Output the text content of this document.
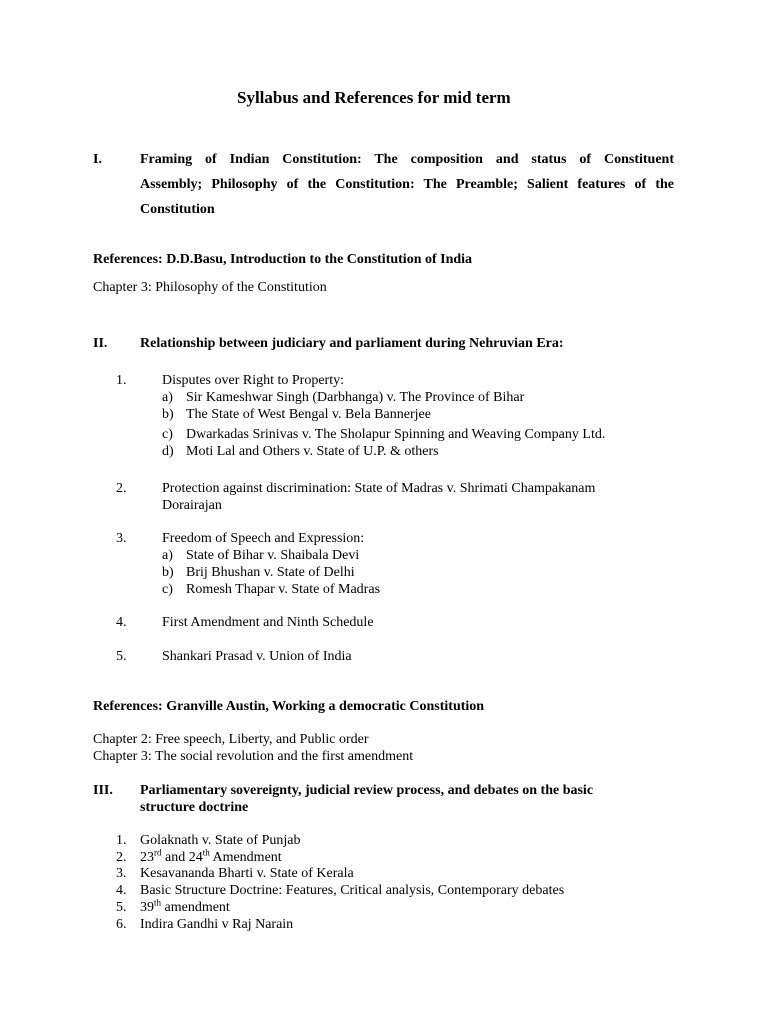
Syllabus and References for mid term
I.	Framing of Indian Constitution: The composition and status of Constituent
Assembly; Philosophy of the Constitution: The Preamble; Salient features of the
Constitution
References: D.D.Basu, Introduction to the Constitution of India
Chapter 3: Philosophy of the Constitution
II. Relationship between judiciary and parliament during Nehruvian Era:
1.	Disputes over Right to Property:
a) Sir Kameshwar Singh (Darbhanga) v. The Province of Bihar
b) The State of West Bengal v. Bela Bannerjee
c) Dwarkadas Srinivas v. The Sholapur Spinning and Weaving Company Ltd.
d) Moti Lal and Others v. State of U.P. & others
2.	Protection against discrimination: State of Madras v. Shrimati Champakanam
Dorairajan
3.	Freedom of Speech and Expression:
a) State of Bihar v. Shaibala Devi
b) Brij Bhushan v. State of Delhi
c) Romesh Thapar v. State of Madras
4.	First Amendment and Ninth Schedule
5.	Shankari Prasad v. Union of India
References: Granville Austin, Working a democratic Constitution
Chapter 2: Free speech, Liberty, and Public order
Chapter 3: The social revolution and the first amendment
III. Parliamentary sovereignty, judicial review process, and debates on the basic
structure doctrine
1. Golaknath v. State of Punjab
2. 23rd and 24th Amendment
3. Kesavananda Bharti v. State of Kerala
4. Basic Structure Doctrine: Features, Critical analysis, Contemporary debates
5. 39th amendment
6. Indira Gandhi v Raj Narain
